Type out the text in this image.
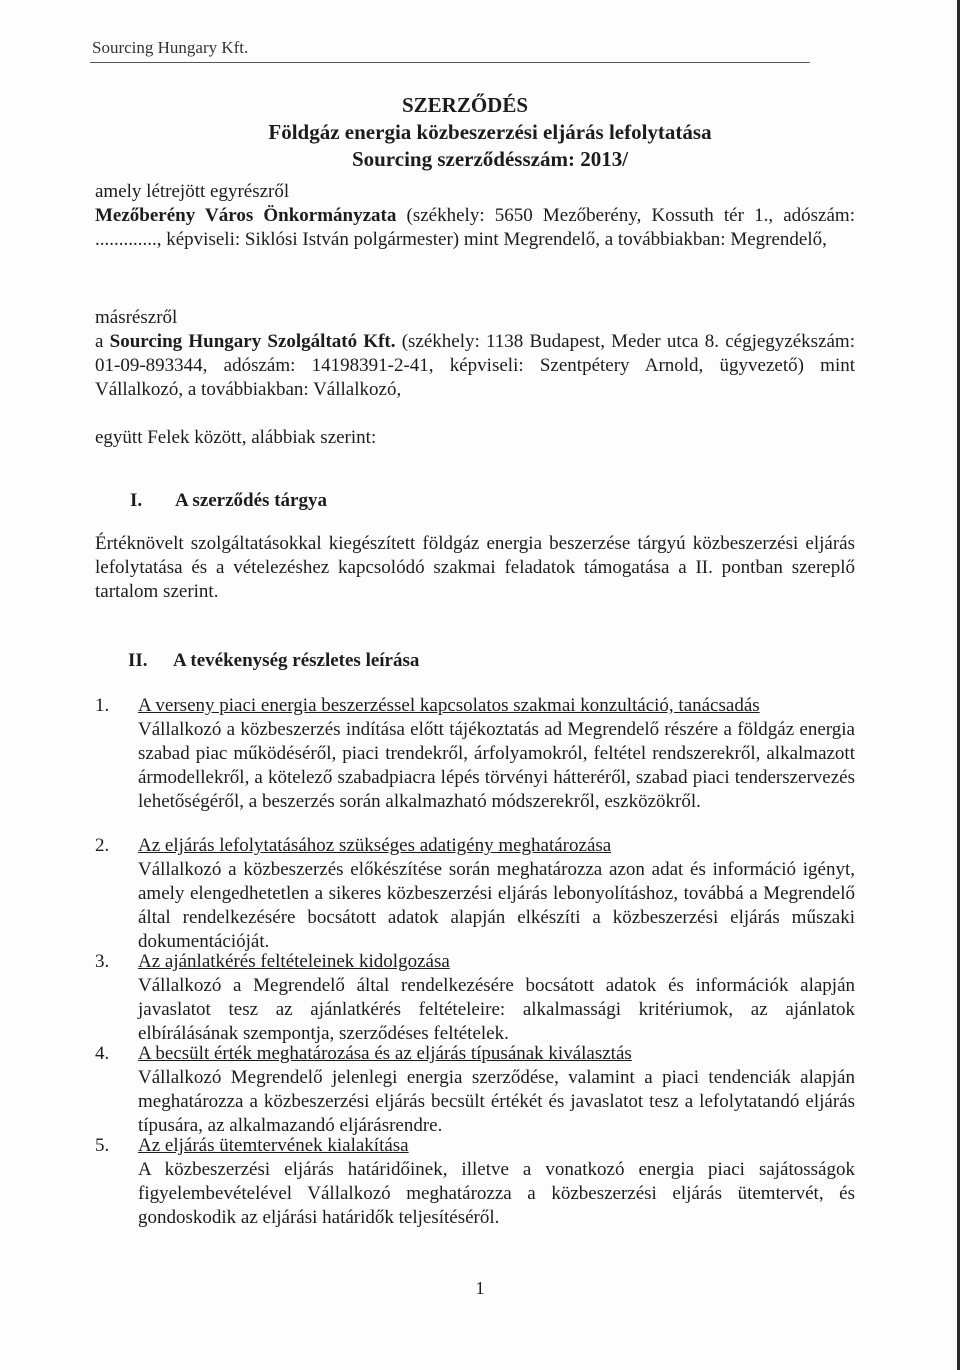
Sourcing Hungary Kft.
SZERZŐDÉS
Földgáz energia közbeszerzési eljárás lefolytatása
Sourcing szerződésszám: 2013/
amely létrejött egyrészről
Mezőberény Város Önkormányzata (székhely: 5650 Mezőberény, Kossuth tér 1., adószám: ............., képviseli: Siklósi István polgármester) mint Megrendelő, a továbbiakban: Megrendelő,
másrészről
a Sourcing Hungary Szolgáltató Kft. (székhely: 1138 Budapest, Meder utca 8. cégjegyzékszám: 01-09-893344, adószám: 14198391-2-41, képviseli: Szentpétery Arnold, ügyvezető) mint Vállalkozó, a továbbiakban: Vállalkozó,
együtt Felek között, alábbiak szerint:
I. A szerződés tárgya
Értéknövelt szolgáltatásokkal kiegészített földgáz energia beszerzése tárgyú közbeszerzési eljárás lefolytatása és a vételezéshez kapcsolódó szakmai feladatok támogatása a II. pontban szereplő tartalom szerint.
II. A tevékenység részletes leírása
1. A verseny piaci energia beszerzéssel kapcsolatos szakmai konzultáció, tanácsadás
Vállalkozó a közbeszerzés indítása előtt tájékoztatás ad Megrendelő részére a földgáz energia szabad piac működéséről, piaci trendekről, árfolyamokról, feltétel rendszerekről, alkalmazott ármodellekről, a kötelező szabadpiacra lépés törvényi hátteréről, szabad piaci tenderszervezés lehetőségéről, a beszerzés során alkalmazható módszerekről, eszközökről.
2. Az eljárás lefolytatásához szükséges adatigény meghatározása
Vállalkozó a közbeszerzés előkészítése során meghatározza azon adat és információ igényt, amely elengedhetetlen a sikeres közbeszerzési eljárás lebonyolításhoz, továbbá a Megrendelő által rendelkezésére bocsátott adatok alapján elkészíti a közbeszerzési eljárás műszaki dokumentációját.
3. Az ajánlatkérés feltételeinek kidolgozása
Vállalkozó a Megrendelő által rendelkezésére bocsátott adatok és információk alapján javaslatot tesz az ajánlatkérés feltételeire: alkalmassági kritériumok, az ajánlatok elbírálásának szempontja, szerződéses feltételek.
4. A becsült érték meghatározása és az eljárás típusának kiválasztás
Vállalkozó Megrendelő jelenlegi energia szerződése, valamint a piaci tendenciák alapján meghatározza a közbeszerzési eljárás becsült értékét és javaslatot tesz a lefolytatandó eljárás típusára, az alkalmazandó eljárásrendre.
5. Az eljárás ütemtervének kialakítása
A közbeszerzési eljárás határidőinek, illetve a vonatkozó energia piaci sajátosságok figyelembevételével Vállalkozó meghatározza a közbeszerzési eljárás ütemtervét, és gondoskodik az eljárási határidők teljesítéséről.
1
